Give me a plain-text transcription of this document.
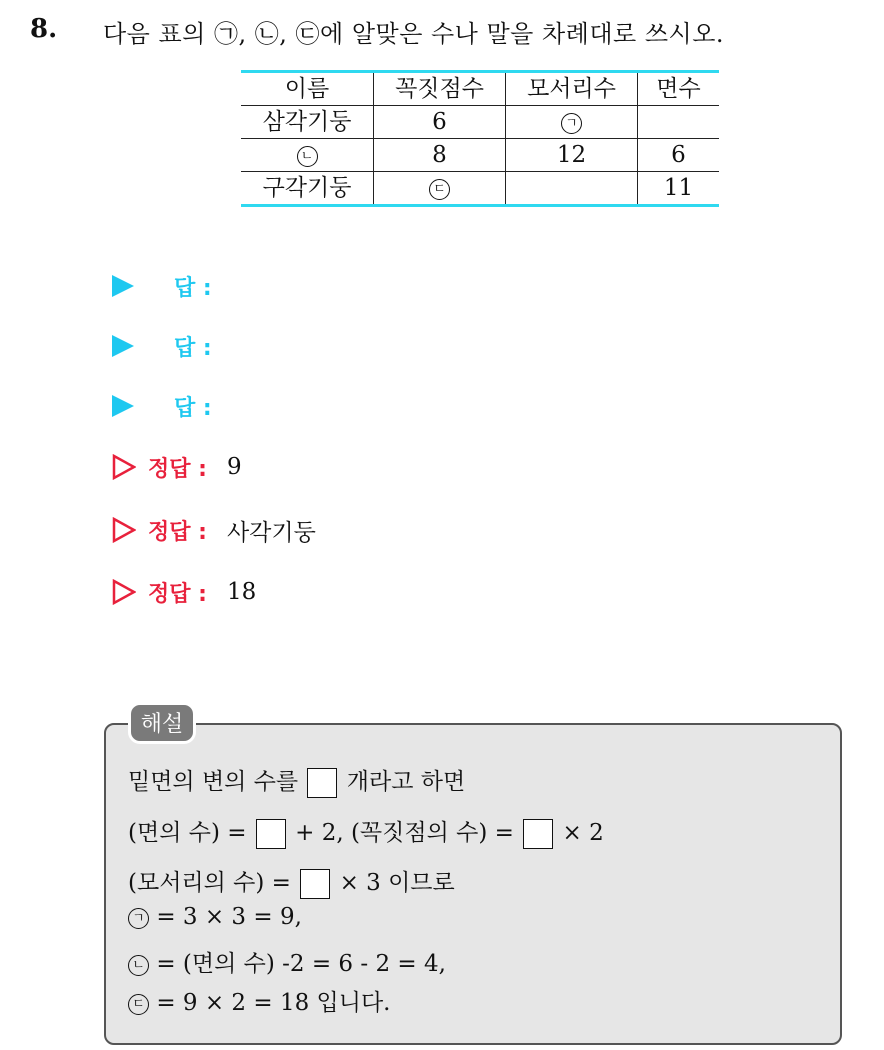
8. 다음 표의 ㉠, ㉡, ㉢에 알맞은 수나 말을 차례대로 쓰시오.
이름	꼭짓점수	모서리수	면수
삼각기둥	6	ㄱ	
ㄴ	8	12	6
구각기둥	ㄷ		11
답 :
답 :
답 :
정답 : 9
정답 : 사각기둥
정답 : 18
해설
밑면의 변의 수를 개라고 하면
(면의 수) = + 2, (꼭짓점의 수) = × 2
(모서리의 수) = × 3 이므로
ㄱ = 3 × 3 = 9,
ㄴ = (면의 수) -2 = 6 - 2 = 4,
ㄷ = 9 × 2 = 18 입니다.
